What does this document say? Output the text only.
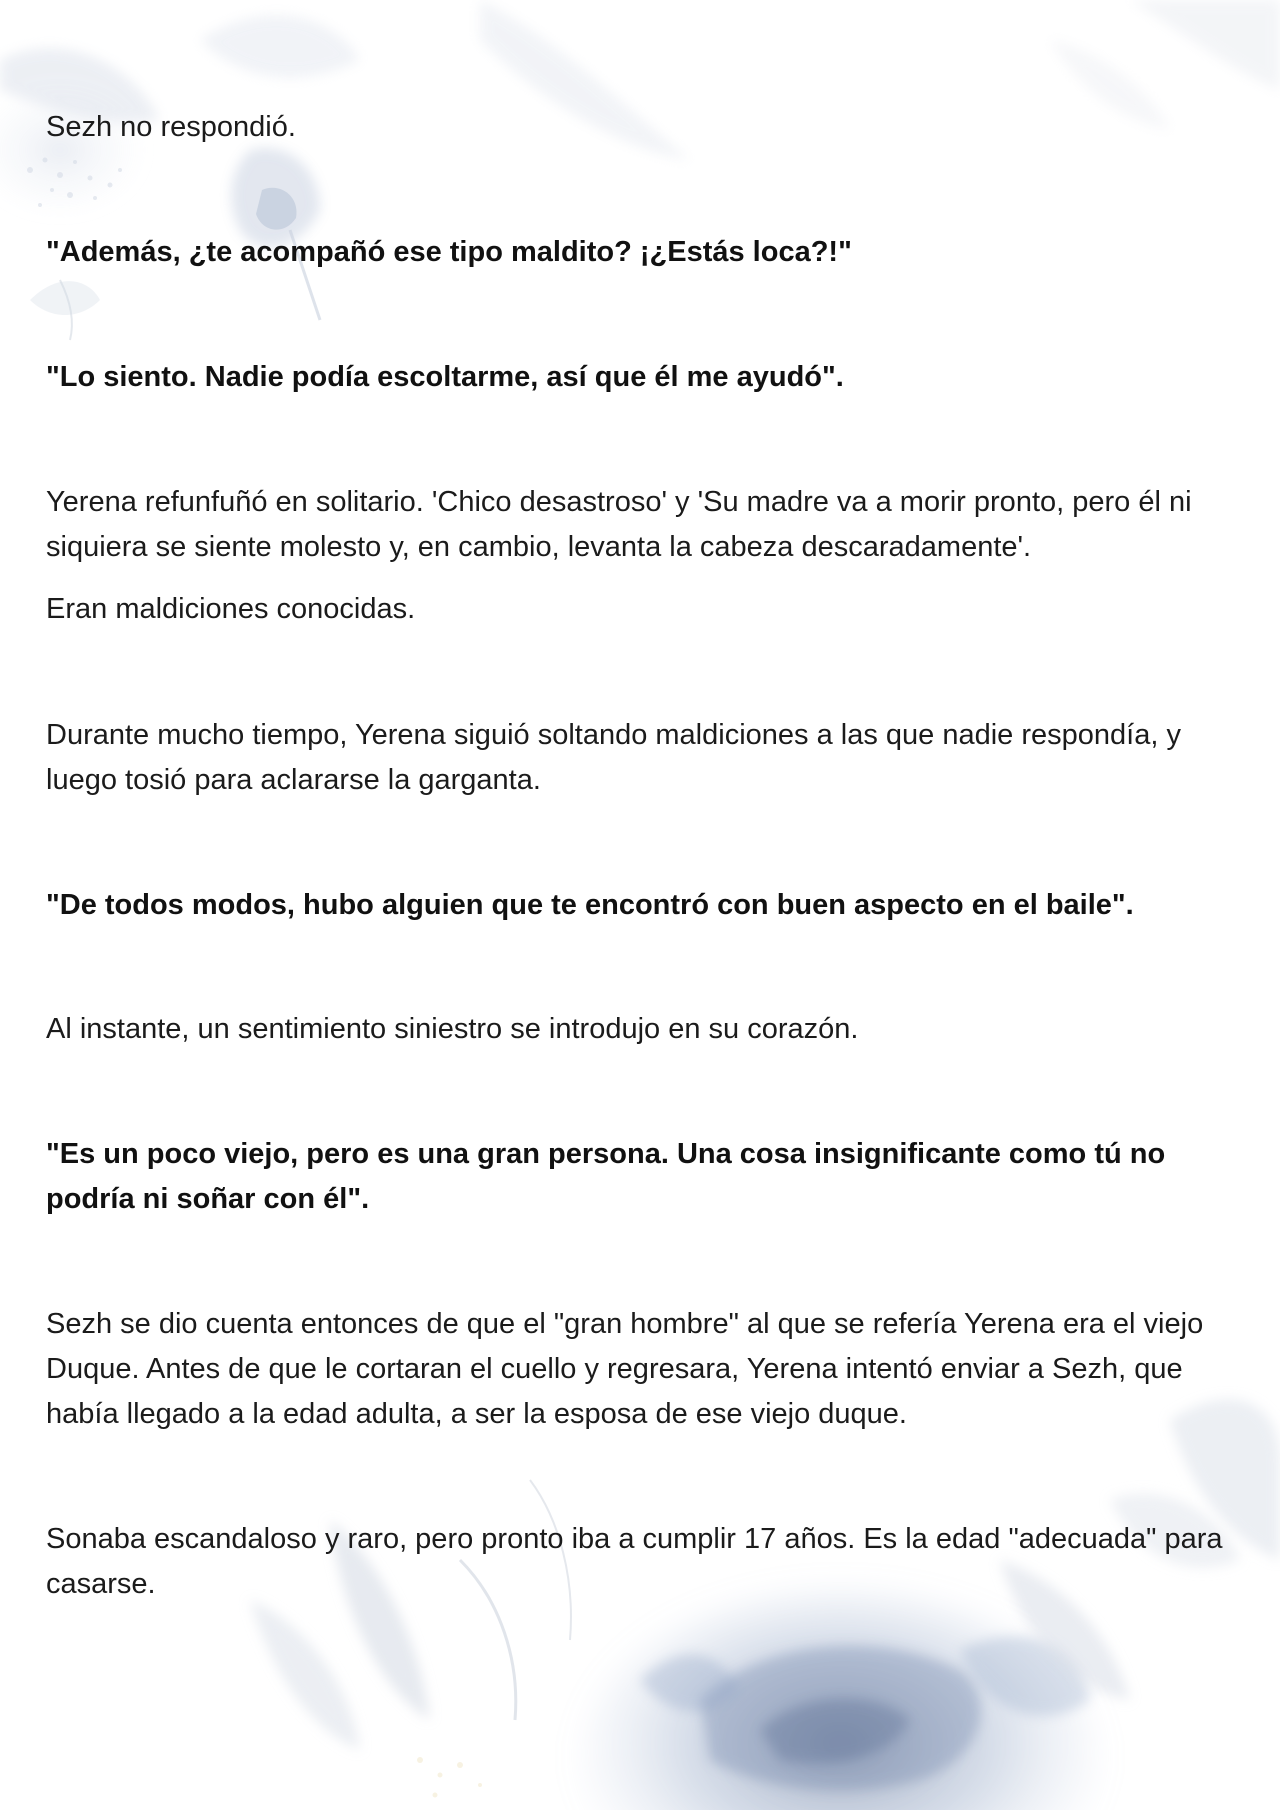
Sezh no respondió.

"Además, ¿te acompañó ese tipo maldito? ¡¿Estás loca?!"

"Lo siento. Nadie podía escoltarme, así que él me ayudó".

Yerena refunfuñó en solitario. 'Chico desastroso' y 'Su madre va a morir pronto, pero él ni siquiera se siente molesto y, en cambio, levanta la cabeza descaradamente'.

Eran maldiciones conocidas.

Durante mucho tiempo, Yerena siguió soltando maldiciones a las que nadie respondía, y luego tosió para aclararse la garganta.

"De todos modos, hubo alguien que te encontró con buen aspecto en el baile".

Al instante, un sentimiento siniestro se introdujo en su corazón.

"Es un poco viejo, pero es una gran persona. Una cosa insignificante como tú no podría ni soñar con él".

Sezh se dio cuenta entonces de que el "gran hombre" al que se refería Yerena era el viejo Duque. Antes de que le cortaran el cuello y regresara, Yerena intentó enviar a Sezh, que había llegado a la edad adulta, a ser la esposa de ese viejo duque.

Sonaba escandaloso y raro, pero pronto iba a cumplir 17 años. Es la edad "adecuada" para casarse.
